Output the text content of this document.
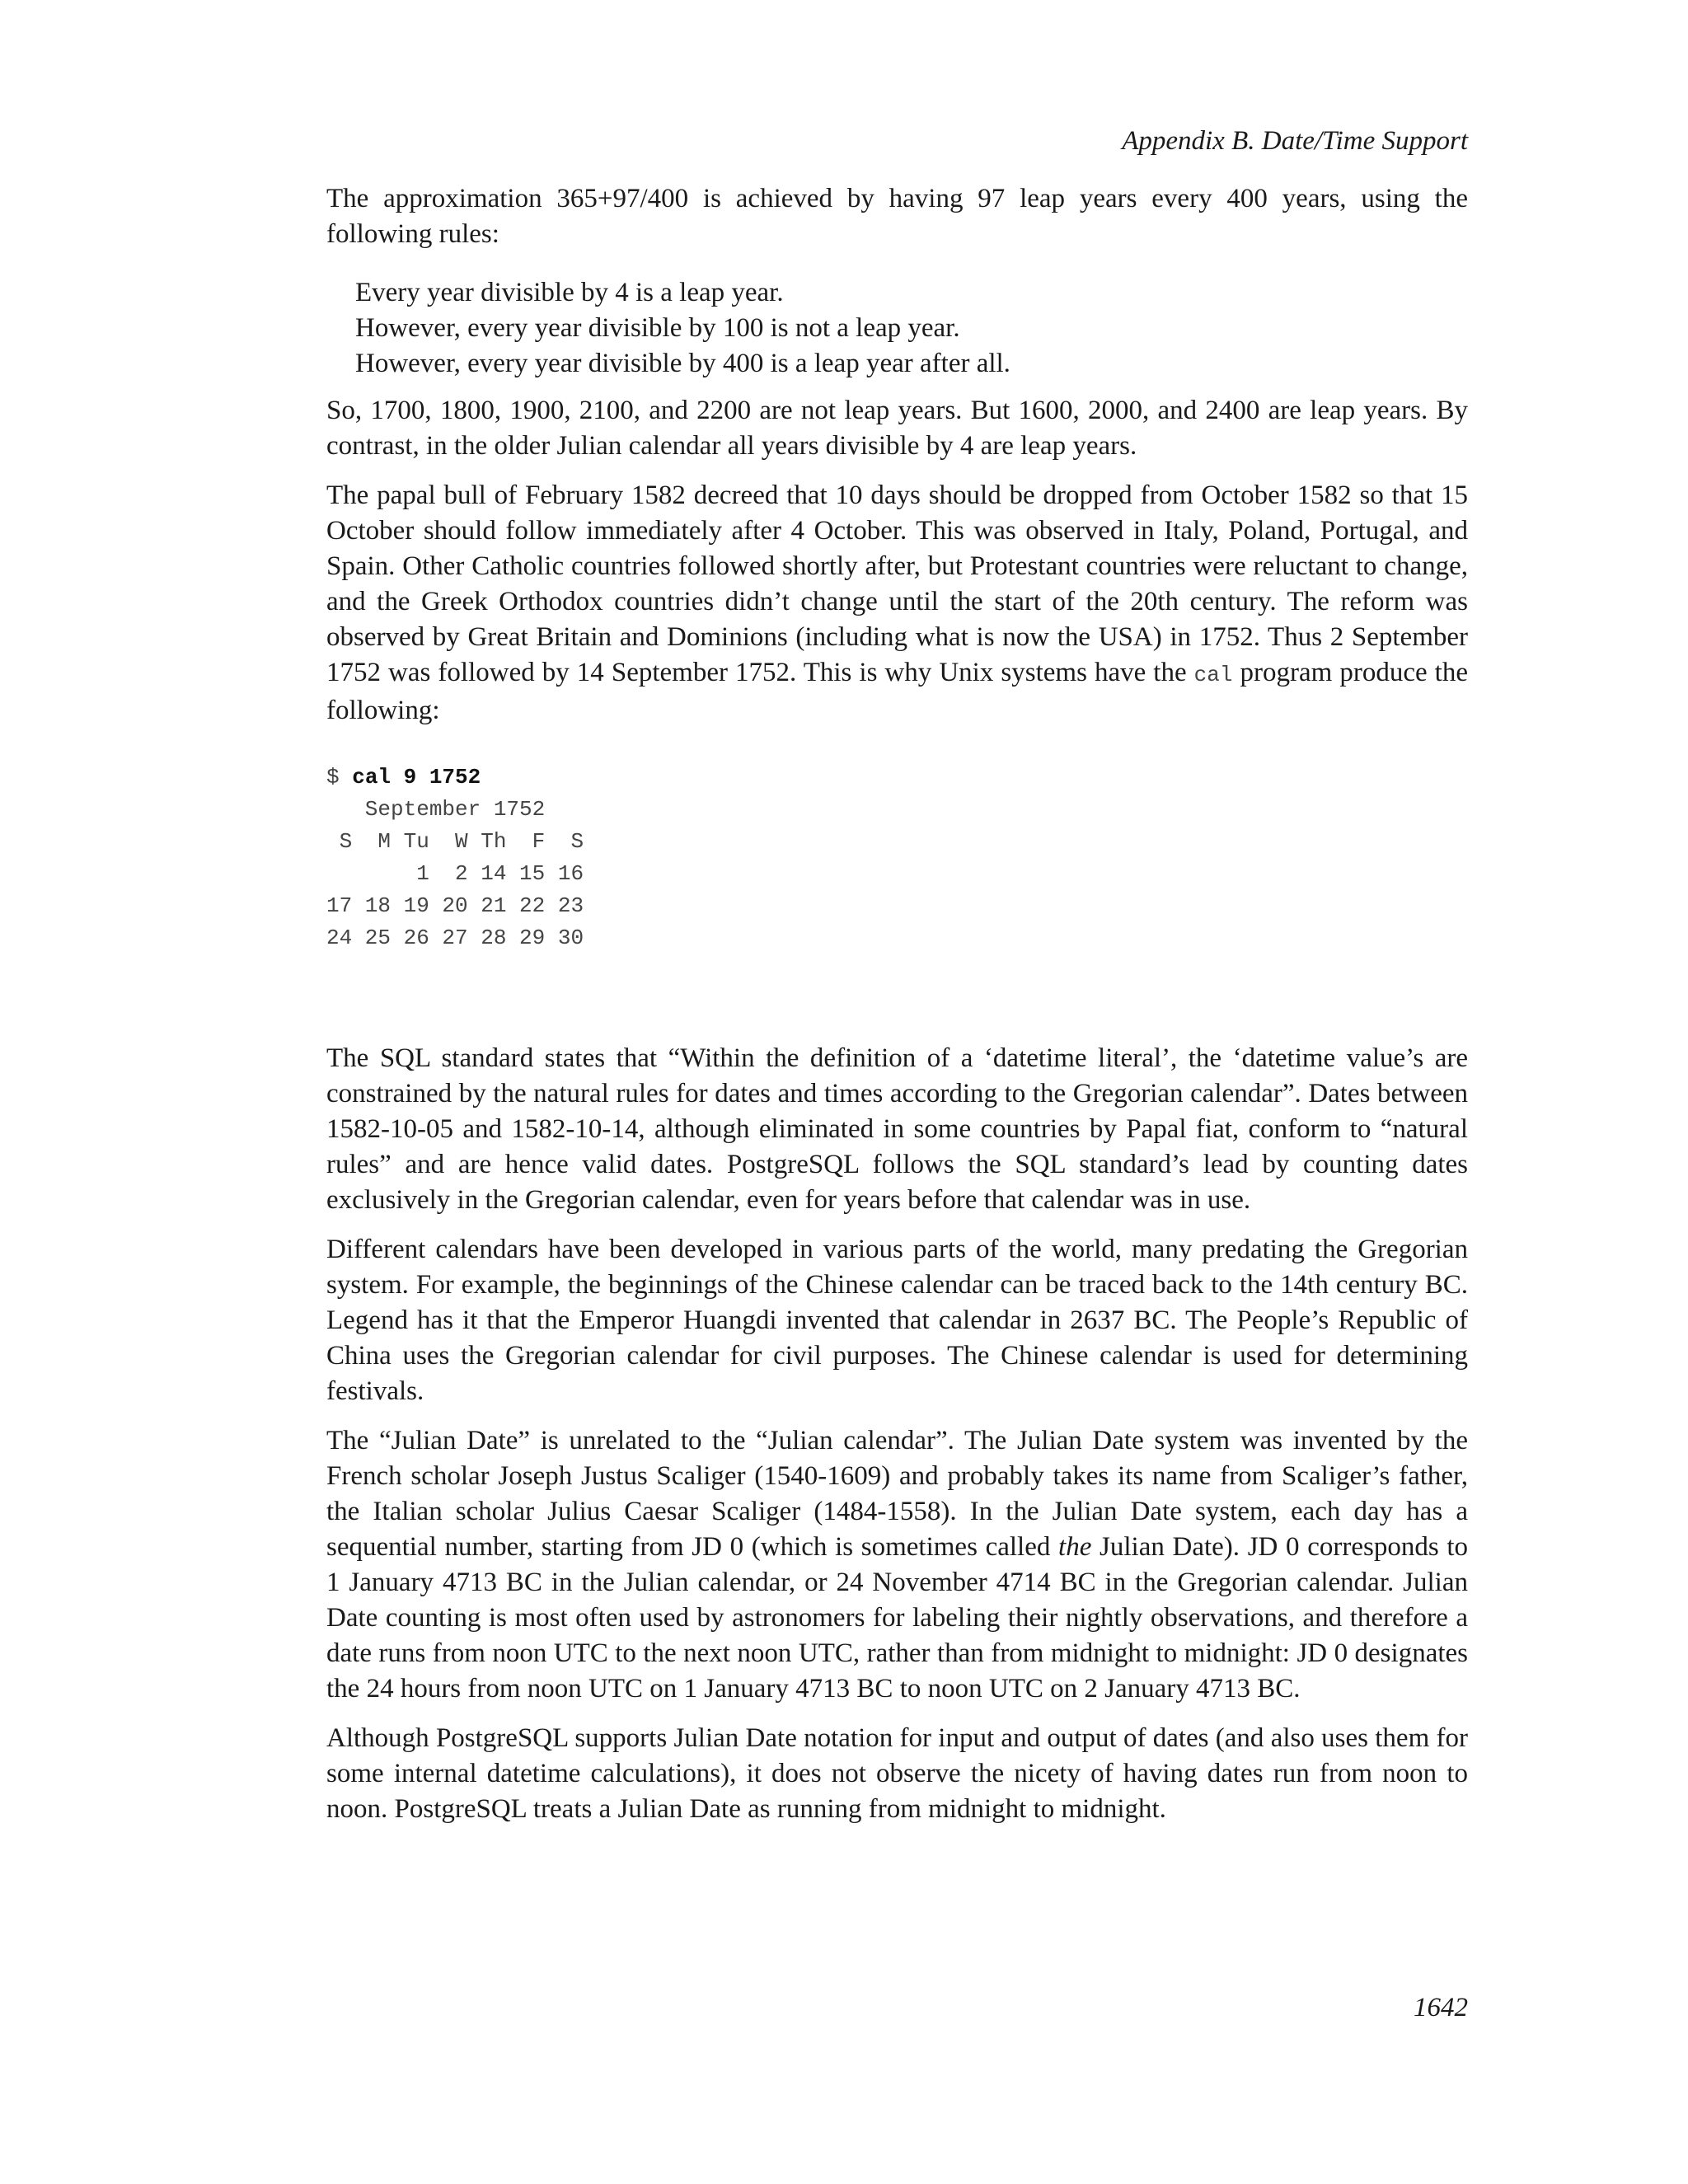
Appendix B. Date/Time Support

The approximation 365+97/400 is achieved by having 97 leap years every 400 years, using the following rules:

Every year divisible by 4 is a leap year.
However, every year divisible by 100 is not a leap year.
However, every year divisible by 400 is a leap year after all.

So, 1700, 1800, 1900, 2100, and 2200 are not leap years. But 1600, 2000, and 2400 are leap years. By contrast, in the older Julian calendar all years divisible by 4 are leap years.

The papal bull of February 1582 decreed that 10 days should be dropped from October 1582 so that 15 October should follow immediately after 4 October. This was observed in Italy, Poland, Portugal, and Spain. Other Catholic countries followed shortly after, but Protestant countries were reluctant to change, and the Greek Orthodox countries didn’t change until the start of the 20th century. The reform was observed by Great Britain and Dominions (including what is now the USA) in 1752. Thus 2 September 1752 was followed by 14 September 1752. This is why Unix systems have the cal program produce the following:

$ cal 9 1752
September 1752
S  M Tu  W Th  F  S
1  2 14 15 16
17 18 19 20 21 22 23
24 25 26 27 28 29 30

The SQL standard states that “Within the definition of a ‘datetime literal’, the ‘datetime value’s are constrained by the natural rules for dates and times according to the Gregorian calendar”. Dates between 1582-10-05 and 1582-10-14, although eliminated in some countries by Papal fiat, conform to “natural rules” and are hence valid dates. PostgreSQL follows the SQL standard’s lead by counting dates exclusively in the Gregorian calendar, even for years before that calendar was in use.

Different calendars have been developed in various parts of the world, many predating the Gregorian system. For example, the beginnings of the Chinese calendar can be traced back to the 14th century BC. Legend has it that the Emperor Huangdi invented that calendar in 2637 BC. The People’s Republic of China uses the Gregorian calendar for civil purposes. The Chinese calendar is used for determining festivals.

The “Julian Date” is unrelated to the “Julian calendar”. The Julian Date system was invented by the French scholar Joseph Justus Scaliger (1540-1609) and probably takes its name from Scaliger’s father, the Italian scholar Julius Caesar Scaliger (1484-1558). In the Julian Date system, each day has a sequential number, starting from JD 0 (which is sometimes called the Julian Date). JD 0 corresponds to 1 January 4713 BC in the Julian calendar, or 24 November 4714 BC in the Gregorian calendar. Julian Date counting is most often used by astronomers for labeling their nightly observations, and therefore a date runs from noon UTC to the next noon UTC, rather than from midnight to midnight: JD 0 designates the 24 hours from noon UTC on 1 January 4713 BC to noon UTC on 2 January 4713 BC.

Although PostgreSQL supports Julian Date notation for input and output of dates (and also uses them for some internal datetime calculations), it does not observe the nicety of having dates run from noon to noon. PostgreSQL treats a Julian Date as running from midnight to midnight.

1642
